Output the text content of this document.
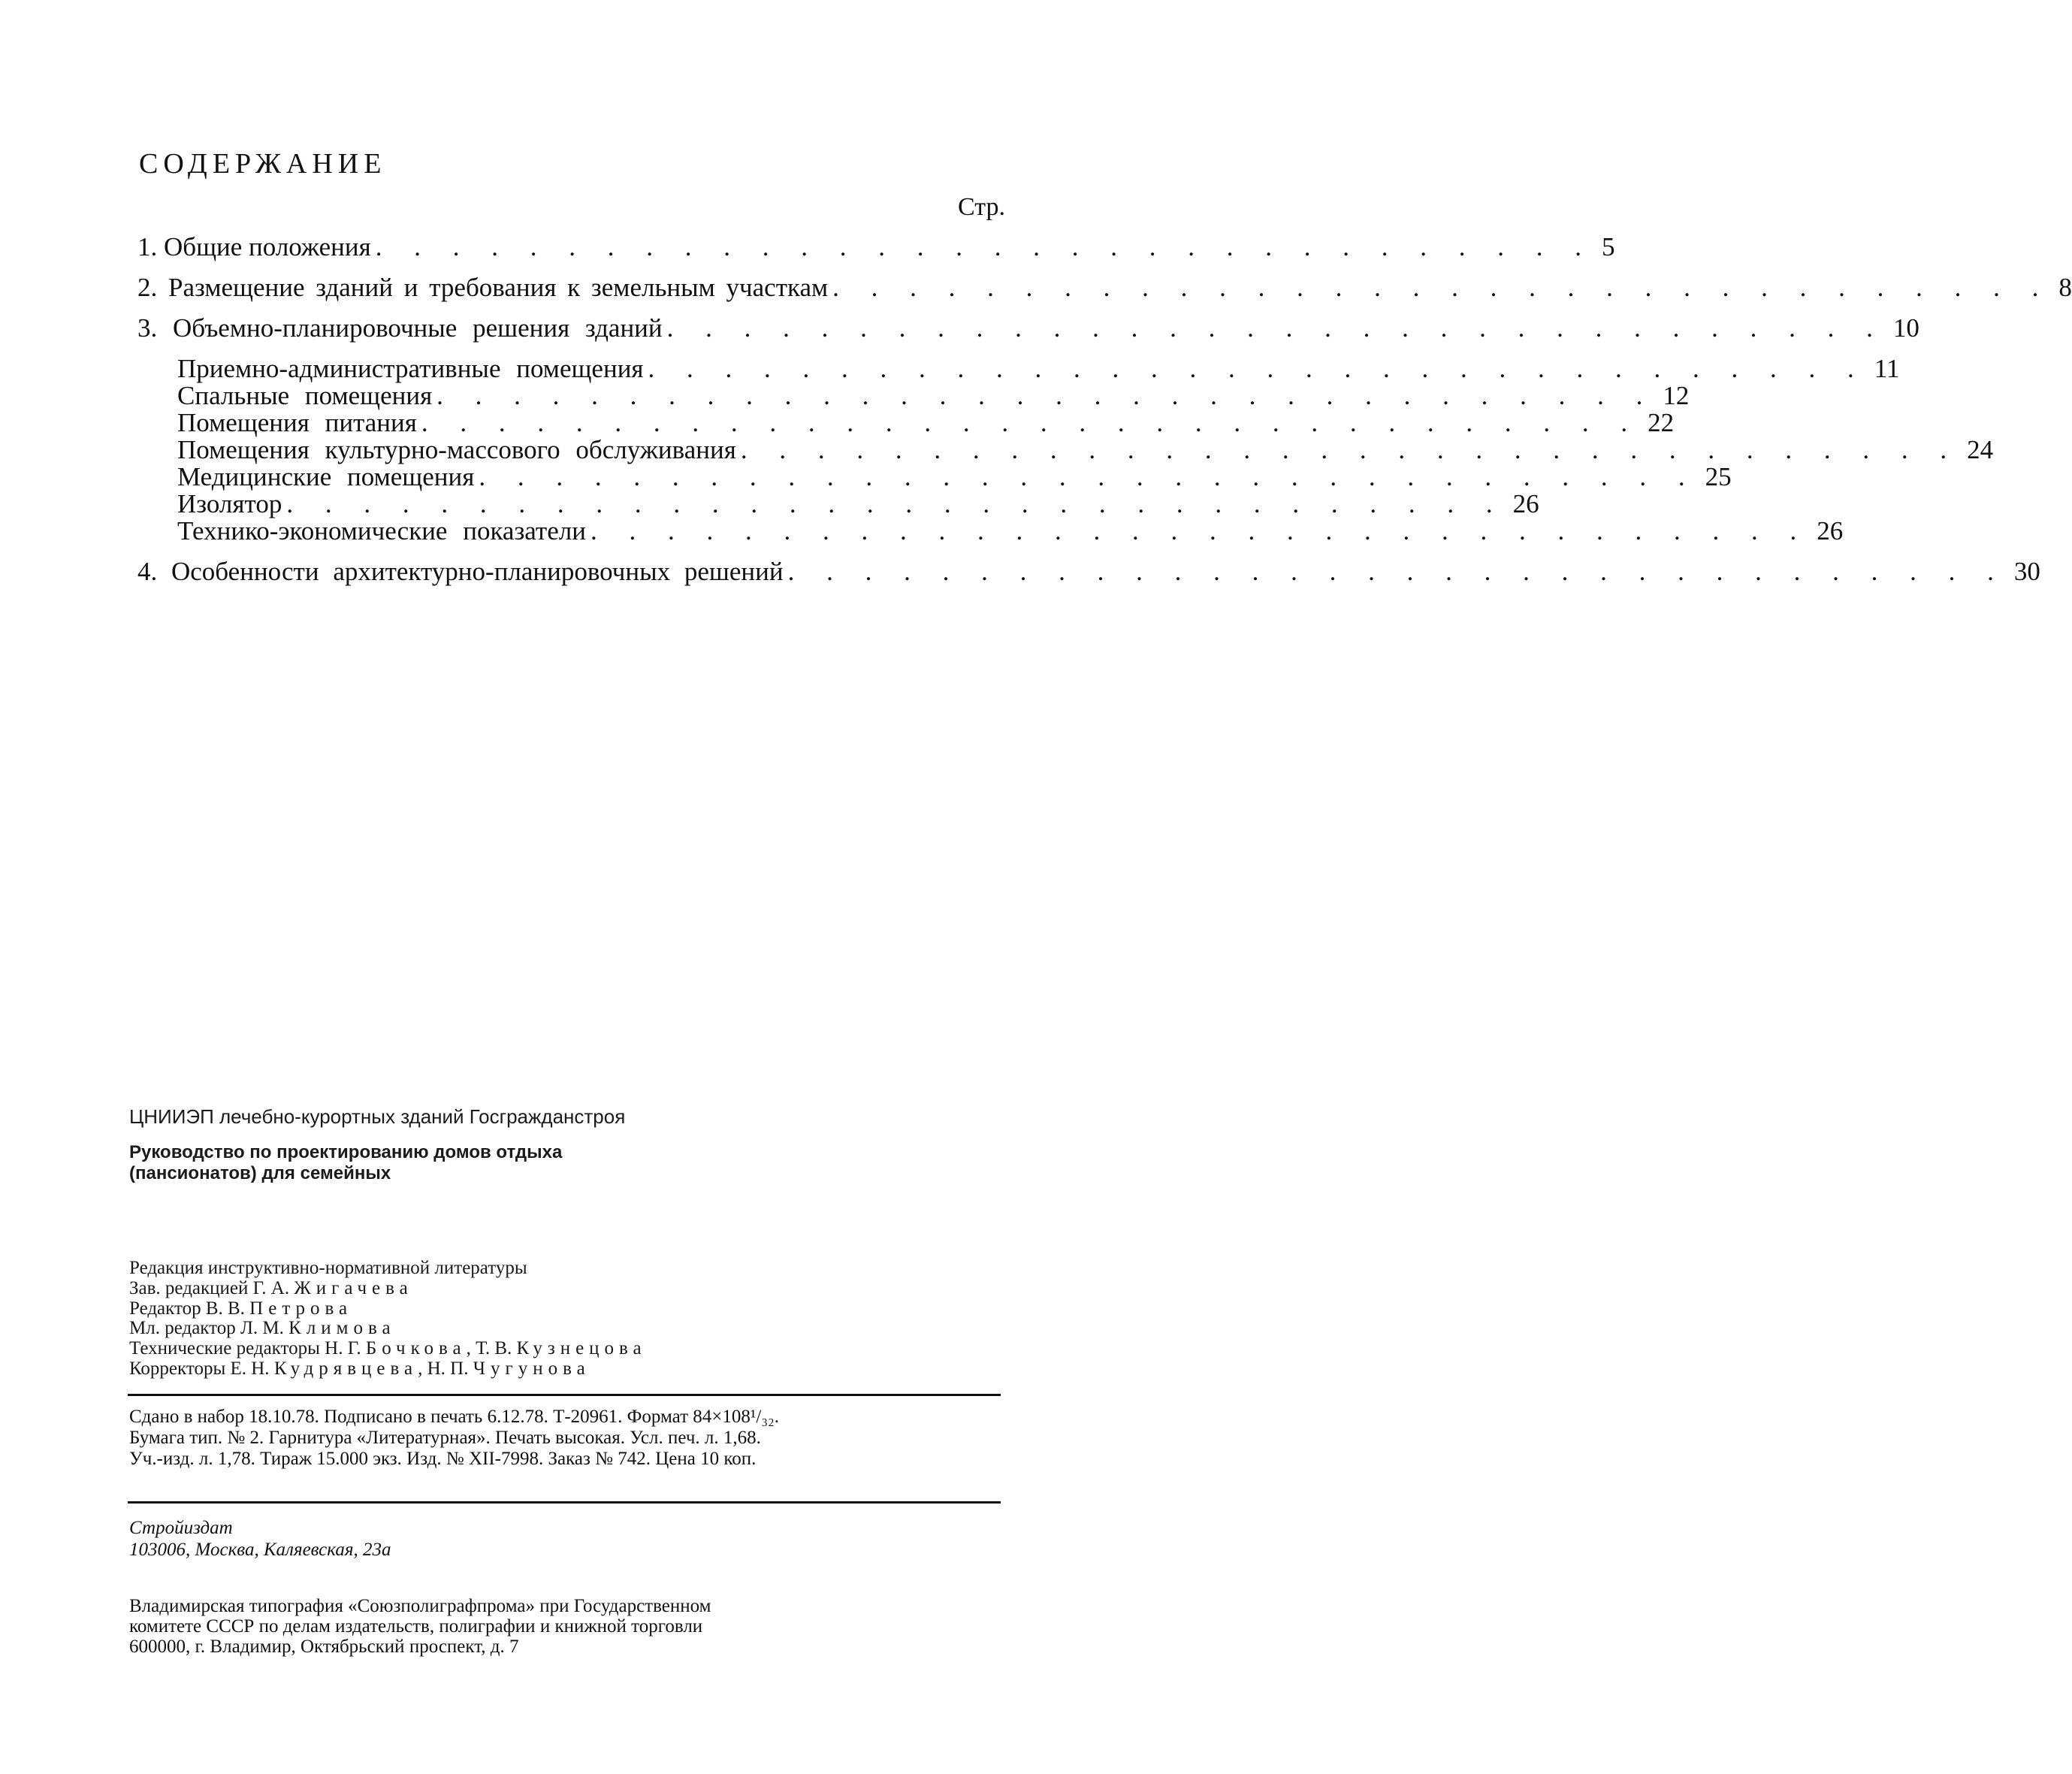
СОДЕРЖАНИЕ
Стр.
1. Общие положения . . . . . . . . . . . . . . . . . . . . . . . . . . . . . . . . 5
2. Размещение зданий и требования к земельным участкам . . . . . . . . . . . . . . . . . . . . . . . . . . . . . . . . 8
3. Объемно-планировочные решения зданий . . . . . . . . . . . . . . . . . . . . . . . . . . . . . . . . 10
Приемно-административные помещения . . . . . . . . . . . . . . . . . . . . . . . . . . . . . . . . 11
Спальные помещения . . . . . . . . . . . . . . . . . . . . . . . . . . . . . . . . 12
Помещения питания . . . . . . . . . . . . . . . . . . . . . . . . . . . . . . . . 22
Помещения культурно-массового обслуживания . . . . . . . . . . . . . . . . . . . . . . . . . . . . . . . . 24
Медицинские помещения . . . . . . . . . . . . . . . . . . . . . . . . . . . . . . . . 25
Изолятор . . . . . . . . . . . . . . . . . . . . . . . . . . . . . . . . 26
Технико-экономические показатели . . . . . . . . . . . . . . . . . . . . . . . . . . . . . . . . 26
4. Особенности архитектурно-планировочных решений . . . . . . . . . . . . . . . . . . . . . . . . . . . . . . . . 30
ЦНИИЭП лечебно-курортных зданий Госгражданстроя
Руководство по проектированию домов отдыха
(пансионатов) для семейных
Редакция инструктивно-нормативной литературы
Зав. редакцией Г. А. Жигачева
Редактор В. В. Петрова
Мл. редактор Л. М. Климова
Технические редакторы Н. Г. Бочкова, Т. В. Кузнецова
Корректоры Е. Н. Кудрявцева, Н. П. Чугунова
Сдано в набор 18.10.78. Подписано в печать 6.12.78. Т-20961. Формат 84×108¹/₃₂.
Бумага тип. № 2. Гарнитура «Литературная». Печать высокая. Усл. печ. л. 1,68.
Уч.-изд. л. 1,78. Тираж 15.000 экз. Изд. № XII-7998. Заказ № 742. Цена 10 коп.
Стройиздат
103006, Москва, Каляевская, 23а
Владимирская типография «Союзполиграфпрома» при Государственном
комитете СССР по делам издательств, полиграфии и книжной торговли
600000, г. Владимир, Октябрьский проспект, д. 7
